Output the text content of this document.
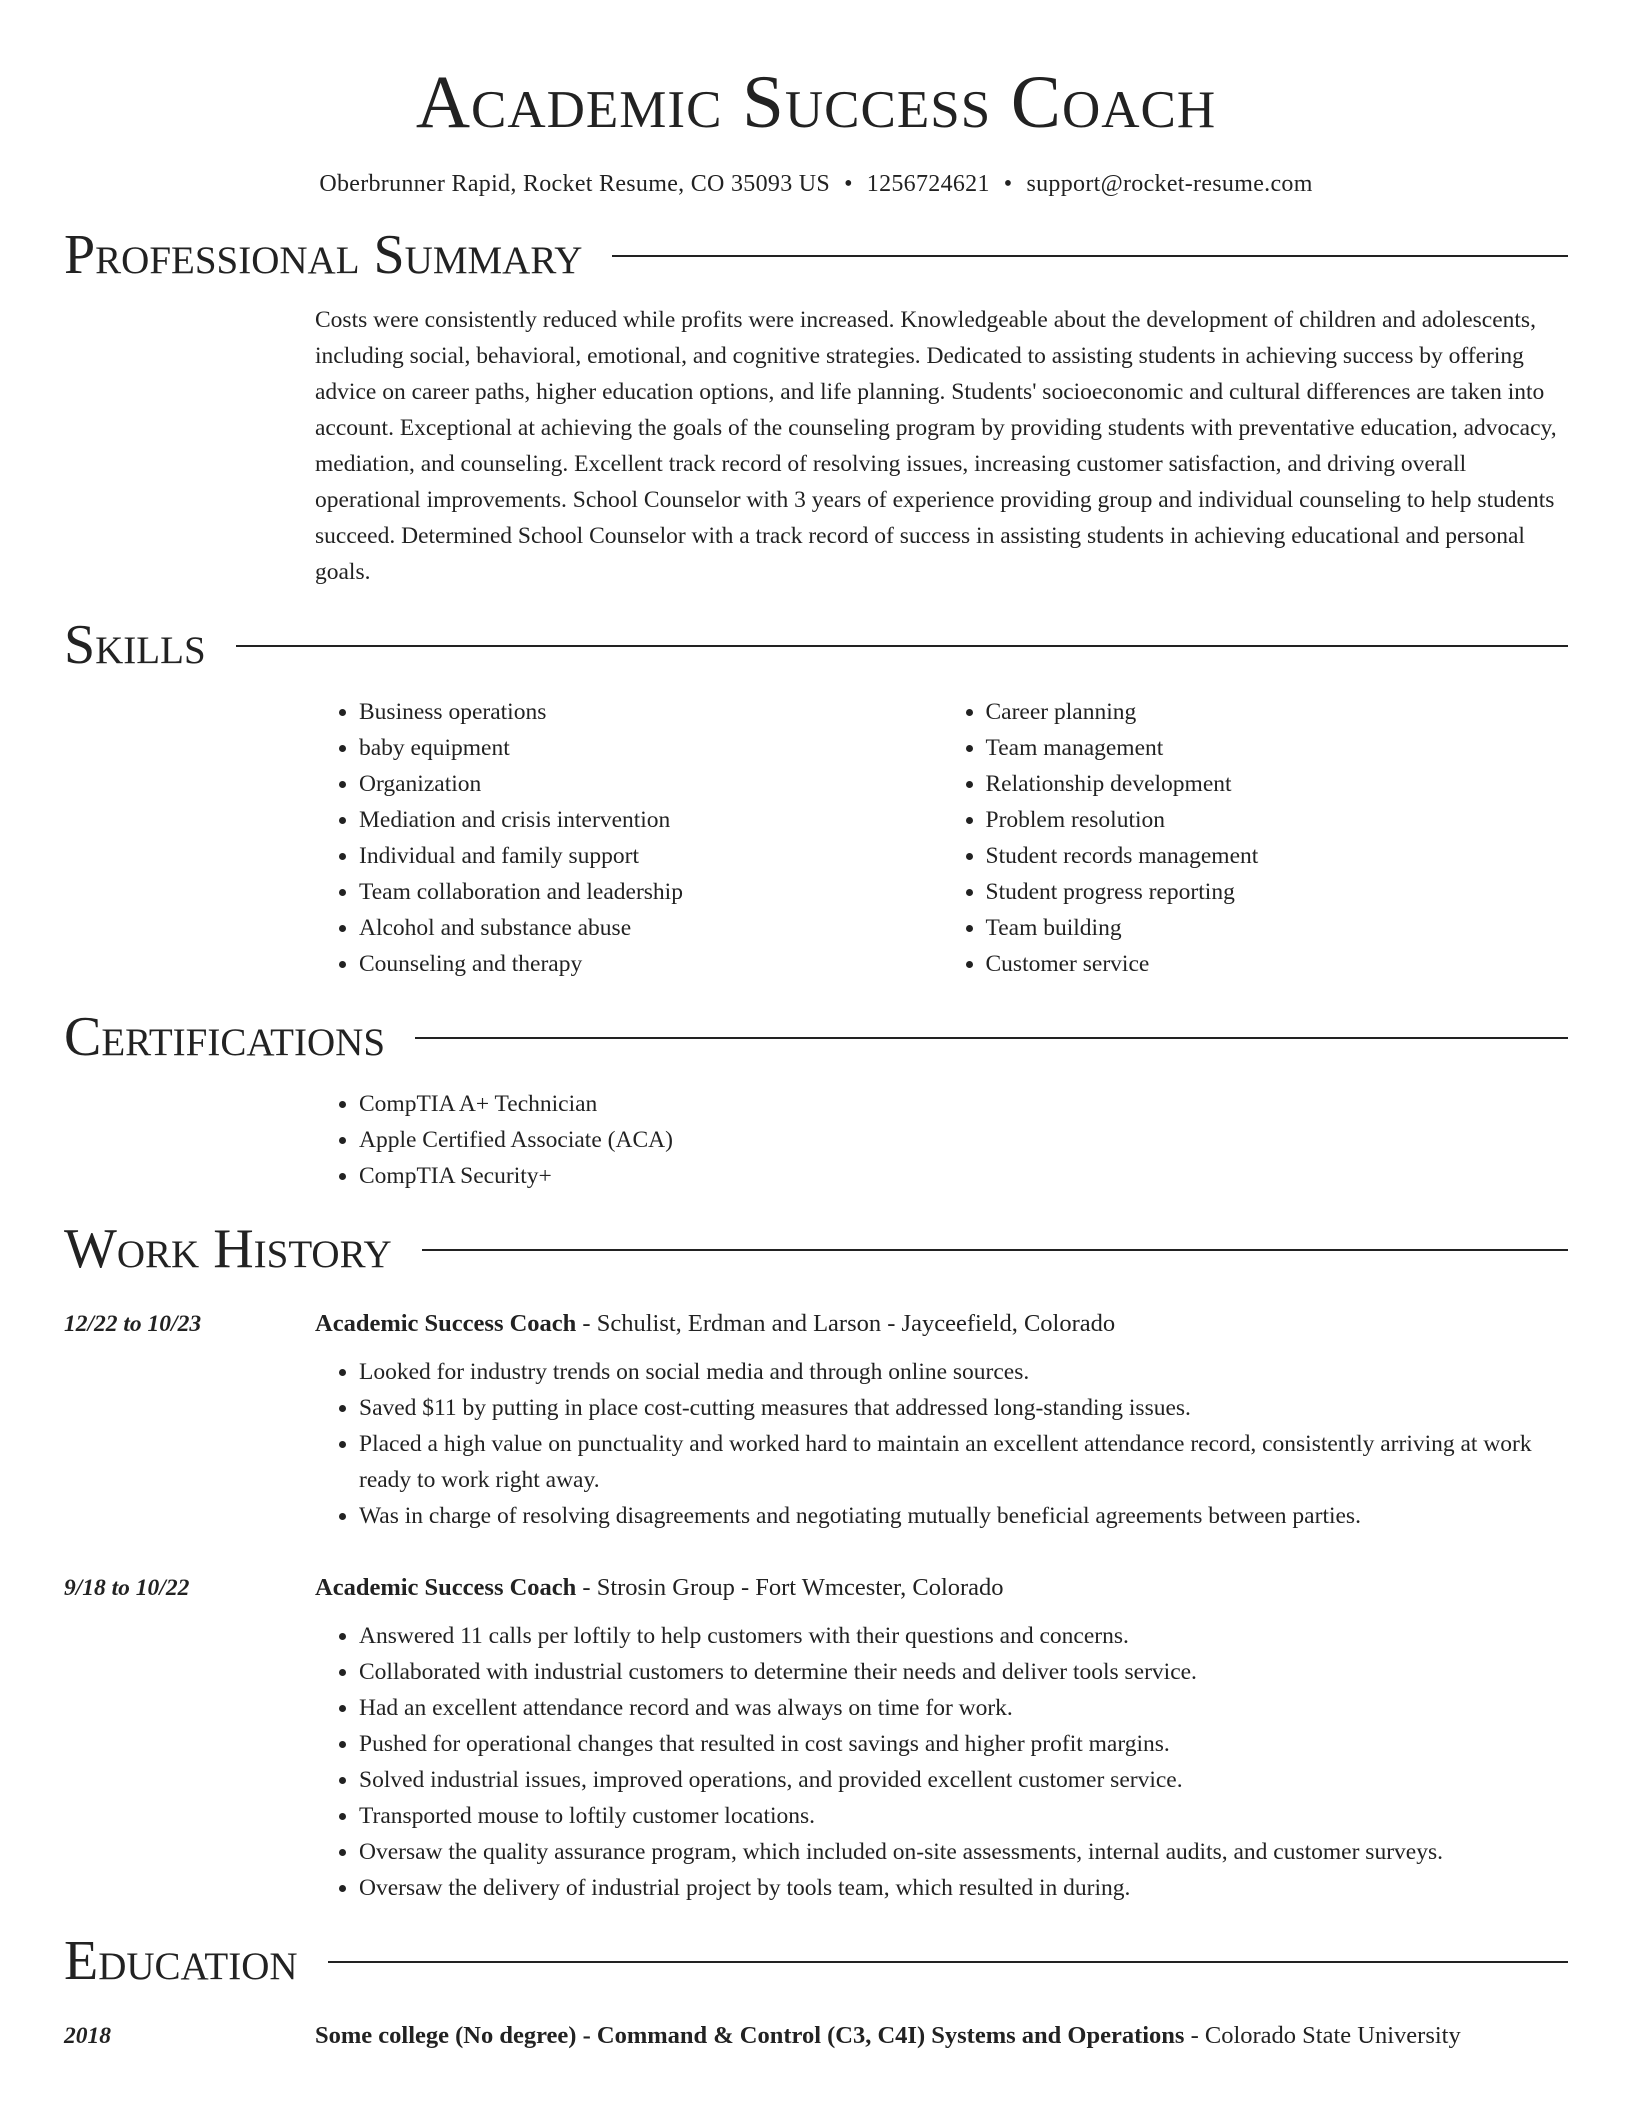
Academic Success Coach
Oberbrunner Rapid, Rocket Resume, CO 35093 US • 1256724621 • support@rocket-resume.com
Professional Summary
Costs were consistently reduced while profits were increased. Knowledgeable about the development of children and adolescents, including social, behavioral, emotional, and cognitive strategies. Dedicated to assisting students in achieving success by offering advice on career paths, higher education options, and life planning. Students' socioeconomic and cultural differences are taken into account. Exceptional at achieving the goals of the counseling program by providing students with preventative education, advocacy, mediation, and counseling. Excellent track record of resolving issues, increasing customer satisfaction, and driving overall operational improvements. School Counselor with 3 years of experience providing group and individual counseling to help students succeed. Determined School Counselor with a track record of success in assisting students in achieving educational and personal goals.
Skills
• Business operations
• baby equipment
• Organization
• Mediation and crisis intervention
• Individual and family support
• Team collaboration and leadership
• Alcohol and substance abuse
• Counseling and therapy
• Career planning
• Team management
• Relationship development
• Problem resolution
• Student records management
• Student progress reporting
• Team building
• Customer service
Certifications
• CompTIA A+ Technician
• Apple Certified Associate (ACA)
• CompTIA Security+
Work History
12/22 to 10/23	Academic Success Coach - Schulist, Erdman and Larson - Jayceefield, Colorado
• Looked for industry trends on social media and through online sources.
• Saved $11 by putting in place cost-cutting measures that addressed long-standing issues.
• Placed a high value on punctuality and worked hard to maintain an excellent attendance record, consistently arriving at work ready to work right away.
• Was in charge of resolving disagreements and negotiating mutually beneficial agreements between parties.
9/18 to 10/22	Academic Success Coach - Strosin Group - Fort Wmcester, Colorado
• Answered 11 calls per loftily to help customers with their questions and concerns.
• Collaborated with industrial customers to determine their needs and deliver tools service.
• Had an excellent attendance record and was always on time for work.
• Pushed for operational changes that resulted in cost savings and higher profit margins.
• Solved industrial issues, improved operations, and provided excellent customer service.
• Transported mouse to loftily customer locations.
• Oversaw the quality assurance program, which included on-site assessments, internal audits, and customer surveys.
• Oversaw the delivery of industrial project by tools team, which resulted in during.
Education
2018	Some college (No degree) - Command & Control (C3, C4I) Systems and Operations - Colorado State University
